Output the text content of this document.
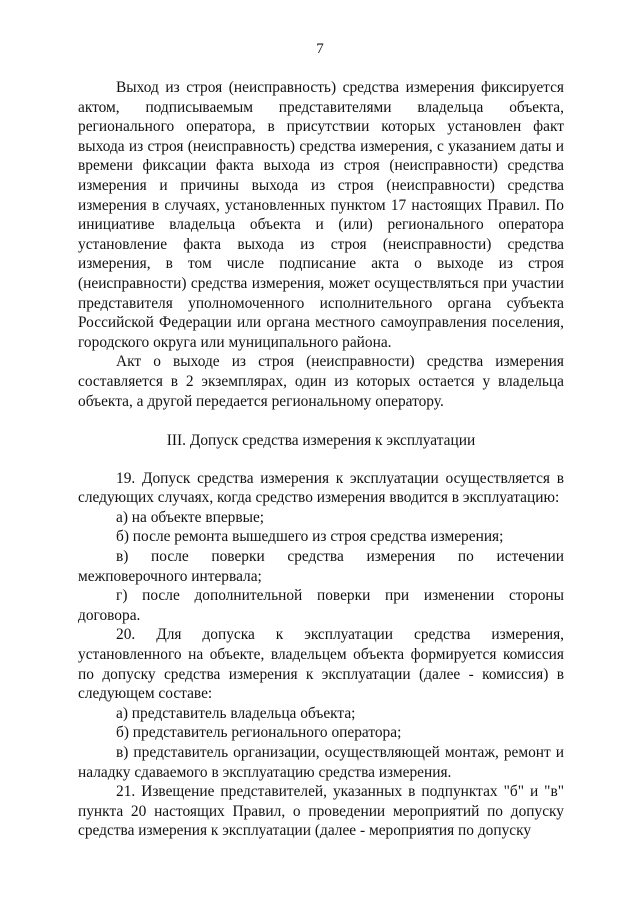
7

Выход из строя (неисправность) средства измерения фиксируется актом, подписываемым представителями владельца объекта, регионального оператора, в присутствии которых установлен факт выхода из строя (неисправность) средства измерения, с указанием даты и времени фиксации факта выхода из строя (неисправности) средства измерения и причины выхода из строя (неисправности) средства измерения в случаях, установленных пунктом 17 настоящих Правил. По инициативе владельца объекта и (или) регионального оператора установление факта выхода из строя (неисправности) средства измерения, в том числе подписание акта о выходе из строя (неисправности) средства измерения, может осуществляться при участии представителя уполномоченного исполнительного органа субъекта Российской Федерации или органа местного самоуправления поселения, городского округа или муниципального района.

Акт о выходе из строя (неисправности) средства измерения составляется в 2 экземплярах, один из которых остается у владельца объекта, а другой передается региональному оператору.

III. Допуск средства измерения к эксплуатации

19. Допуск средства измерения к эксплуатации осуществляется в следующих случаях, когда средство измерения вводится в эксплуатацию:

а) на объекте впервые;

б) после ремонта вышедшего из строя средства измерения;

в) после поверки средства измерения по истечении межповерочного интервала;

г) после дополнительной поверки при изменении стороны договора.

20. Для допуска к эксплуатации средства измерения, установленного на объекте, владельцем объекта формируется комиссия по допуску средства измерения к эксплуатации (далее - комиссия) в следующем составе:

а) представитель владельца объекта;

б) представитель регионального оператора;

в) представитель организации, осуществляющей монтаж, ремонт и наладку сдаваемого в эксплуатацию средства измерения.

21. Извещение представителей, указанных в подпунктах "б" и "в" пункта 20 настоящих Правил, о проведении мероприятий по допуску средства измерения к эксплуатации (далее - мероприятия по допуску
